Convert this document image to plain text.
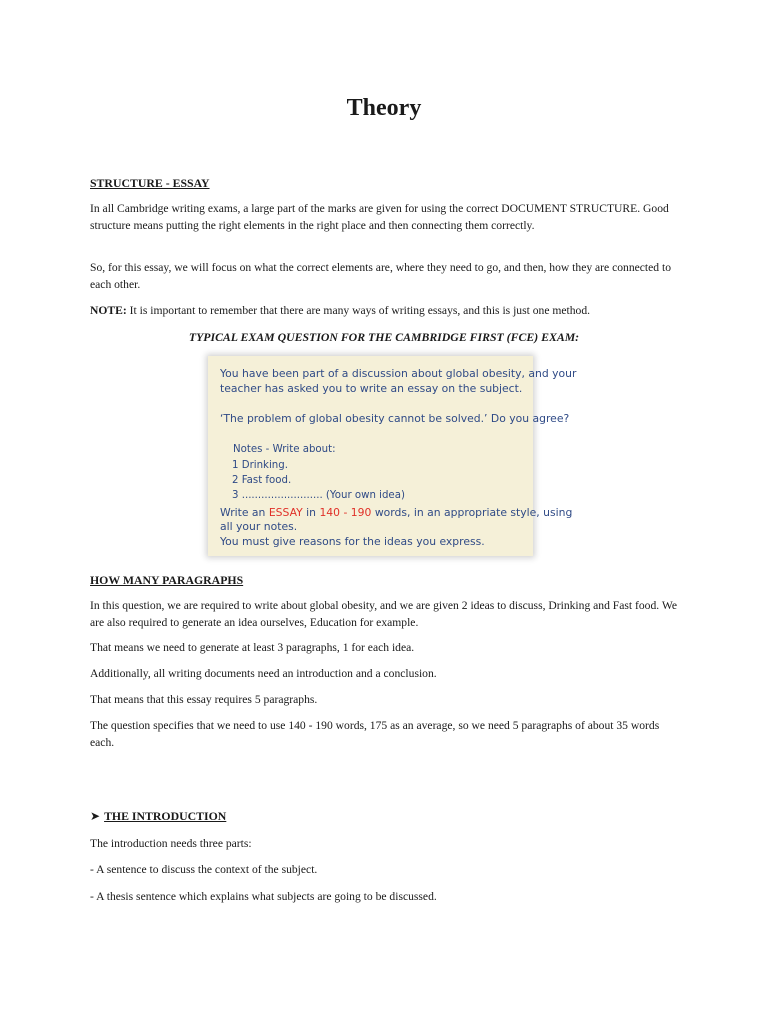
Theory
STRUCTURE - ESSAY

In all Cambridge writing exams, a large part of the marks are given for using the correct DOCUMENT STRUCTURE. Good structure means putting the right elements in the right place and then connecting them correctly.

So, for this essay, we will focus on what the correct elements are, where they need to go, and then, how they are connected to each other.

NOTE: It is important to remember that there are many ways of writing essays, and this is just one method.

TYPICAL EXAM QUESTION FOR THE CAMBRIDGE FIRST (FCE) EXAM:
You have been part of a discussion about global obesity, and your
teacher has asked you to write an essay on the subject.
‘The problem of global obesity cannot be solved.’ Do you agree?
Notes - Write about:
1 Drinking.
2 Fast food.
3 ......................... (Your own idea)
Write an ESSAY in 140 - 190 words, in an appropriate style, using
all your notes.
You must give reasons for the ideas you express.
HOW MANY PARAGRAPHS

In this question, we are required to write about global obesity, and we are given 2 ideas to discuss, Drinking and Fast food. We are also required to generate an idea ourselves, Education for example.

That means we need to generate at least 3 paragraphs, 1 for each idea.

Additionally, all writing documents need an introduction and a conclusion.

That means that this essay requires 5 paragraphs.

The question specifies that we need to use 140 - 190 words, 175 as an average, so we need 5 paragraphs of about 35 words each.

➤ THE INTRODUCTION

The introduction needs three parts:

- A sentence to discuss the context of the subject.

- A thesis sentence which explains what subjects are going to be discussed.
